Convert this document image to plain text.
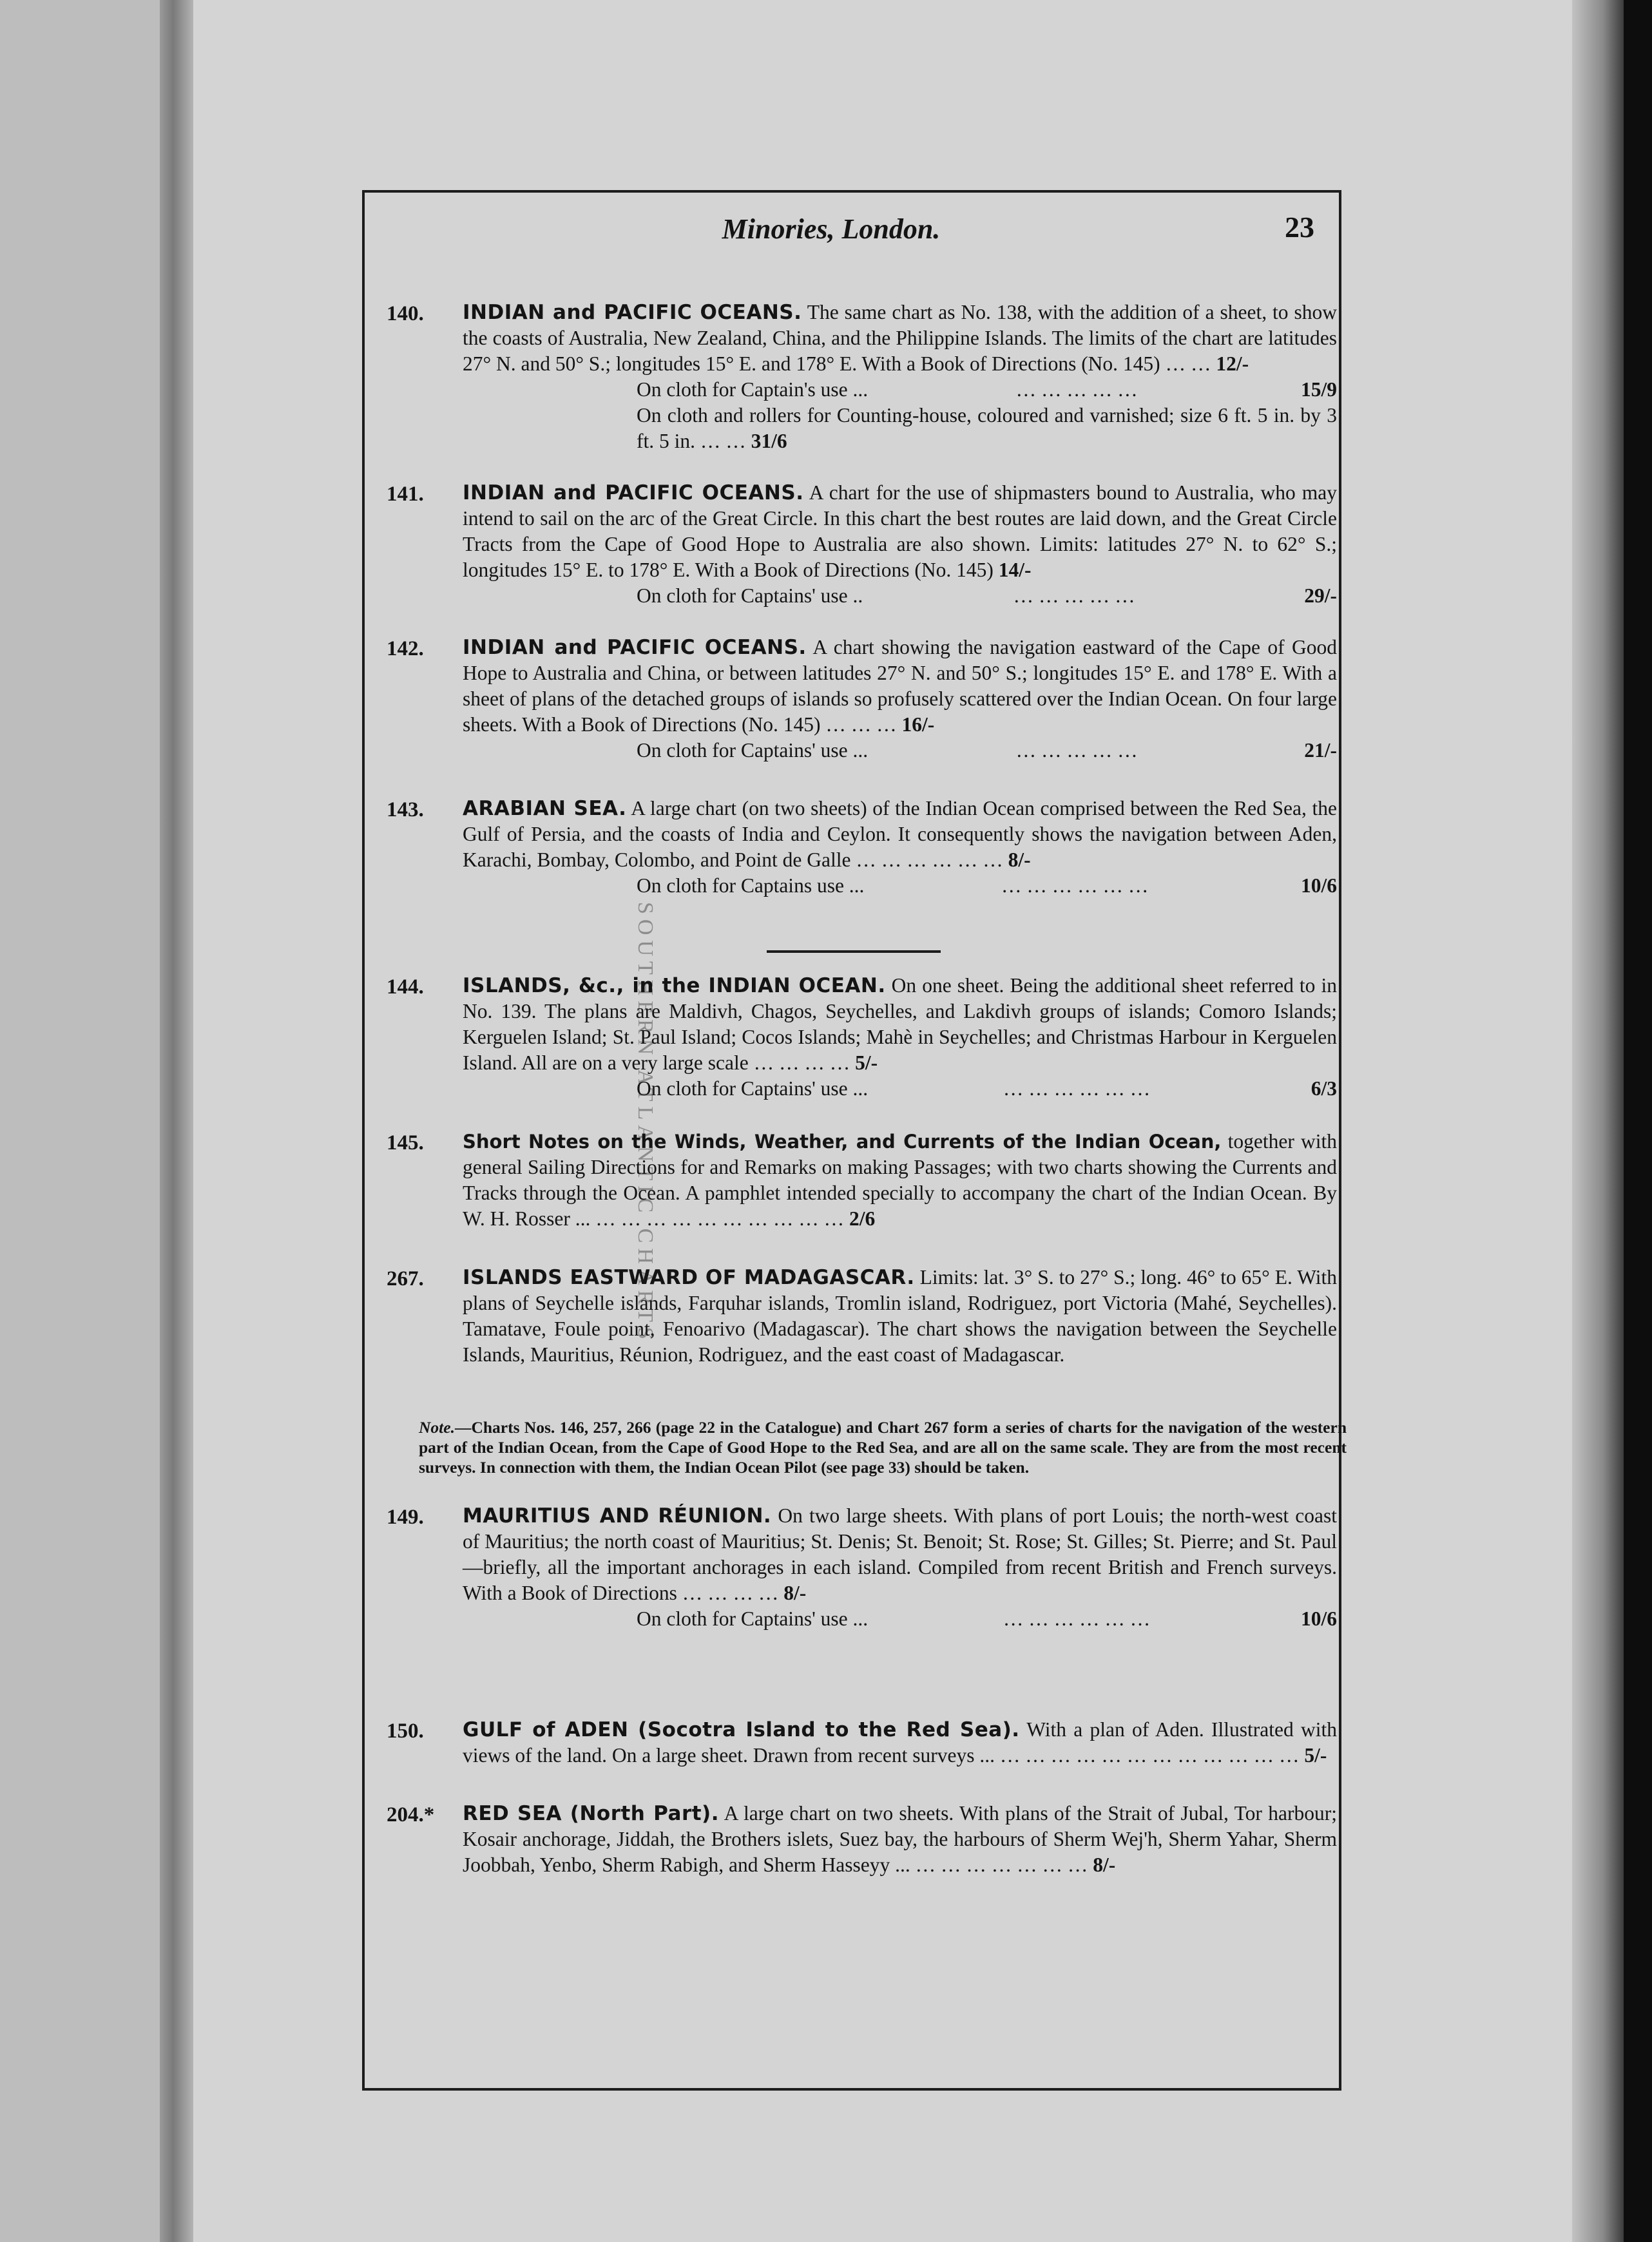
SOUTHERN ATLANTIC CHARTS
Minories, London.	23
140.	INDIAN and PACIFIC OCEANS. The same chart as No. 138, with the addition of a sheet, to show the coasts of Australia, New Zealand, China, and the Philippine Islands. The limits of the chart are latitudes 27° N. and 50° S.; longitudes 15° E. and 178° E. With a Book of Directions (No. 145) … … 12/-
On cloth for Captain's use ...	… … … … …	15/9
On cloth and rollers for Counting-house, coloured and varnished; size 6 ft. 5 in. by 3 ft. 5 in. … … 31/6
141.	INDIAN and PACIFIC OCEANS. A chart for the use of shipmasters bound to Australia, who may intend to sail on the arc of the Great Circle. In this chart the best routes are laid down, and the Great Circle Tracts from the Cape of Good Hope to Australia are also shown. Limits: latitudes 27° N. to 62° S.; longitudes 15° E. to 178° E. With a Book of Directions (No. 145) 14/-
On cloth for Captains' use ..	… … … … …	29/-
142.	INDIAN and PACIFIC OCEANS. A chart showing the navigation eastward of the Cape of Good Hope to Australia and China, or between latitudes 27° N. and 50° S.; longitudes 15° E. and 178° E. With a sheet of plans of the detached groups of islands so profusely scattered over the Indian Ocean. On four large sheets. With a Book of Directions (No. 145) … … … 16/-
On cloth for Captains' use ...	… … … … …	21/-
143.	ARABIAN SEA. A large chart (on two sheets) of the Indian Ocean comprised between the Red Sea, the Gulf of Persia, and the coasts of India and Ceylon. It consequently shows the navigation between Aden, Karachi, Bombay, Colombo, and Point de Galle … … … … … … 8/-
On cloth for Captains use ...	… … … … … …	10/6
144.	ISLANDS, &c., in the INDIAN OCEAN. On one sheet. Being the additional sheet referred to in No. 139. The plans are Maldivh, Chagos, Seychelles, and Lakdivh groups of islands; Comoro Islands; Kerguelen Island; St. Paul Island; Cocos Islands; Mahè in Seychelles; and Christmas Harbour in Kerguelen Island. All are on a very large scale … … … … 5/-
On cloth for Captains' use ...	… … … … … …	6/3
145.	Short Notes on the Winds, Weather, and Currents of the Indian Ocean, together with general Sailing Directions for and Remarks on making Passages; with two charts showing the Currents and Tracks through the Ocean. A pamphlet intended specially to accompany the chart of the Indian Ocean. By W. H. Rosser ... … … … … … … … … … … 2/6
267.	ISLANDS EASTWARD OF MADAGASCAR. Limits: lat. 3° S. to 27° S.; long. 46° to 65° E. With plans of Seychelle islands, Farquhar islands, Tromlin island, Rodriguez, port Victoria (Mahé, Seychelles). Tamatave, Foule point, Fenoarivo (Madagascar). The chart shows the navigation between the Seychelle Islands, Mauritius, Réunion, Rodriguez, and the east coast of Madagascar.
Note.—Charts Nos. 146, 257, 266 (page 22 in the Catalogue) and Chart 267 form a series of charts for the navigation of the western part of the Indian Ocean, from the Cape of Good Hope to the Red Sea, and are all on the same scale. They are from the most recent surveys. In connection with them, the Indian Ocean Pilot (see page 33) should be taken.
149.	MAURITIUS AND RÉUNION. On two large sheets. With plans of port Louis; the north-west coast of Mauritius; the north coast of Mauritius; St. Denis; St. Benoit; St. Rose; St. Gilles; St. Pierre; and St. Paul—briefly, all the important anchorages in each island. Compiled from recent British and French surveys. With a Book of Directions … … … … 8/-
On cloth for Captains' use ...	… … … … … …	10/6
150.	GULF of ADEN (Socotra Island to the Red Sea). With a plan of Aden. Illustrated with views of the land. On a large sheet. Drawn from recent surveys ... … … … … … … … … … … … … 5/-
204.*	RED SEA (North Part). A large chart on two sheets. With plans of the Strait of Jubal, Tor harbour; Kosair anchorage, Jiddah, the Brothers islets, Suez bay, the harbours of Sherm Wej'h, Sherm Yahar, Sherm Joobbah, Yenbo, Sherm Rabigh, and Sherm Hasseyy ... … … … … … … … 8/-
